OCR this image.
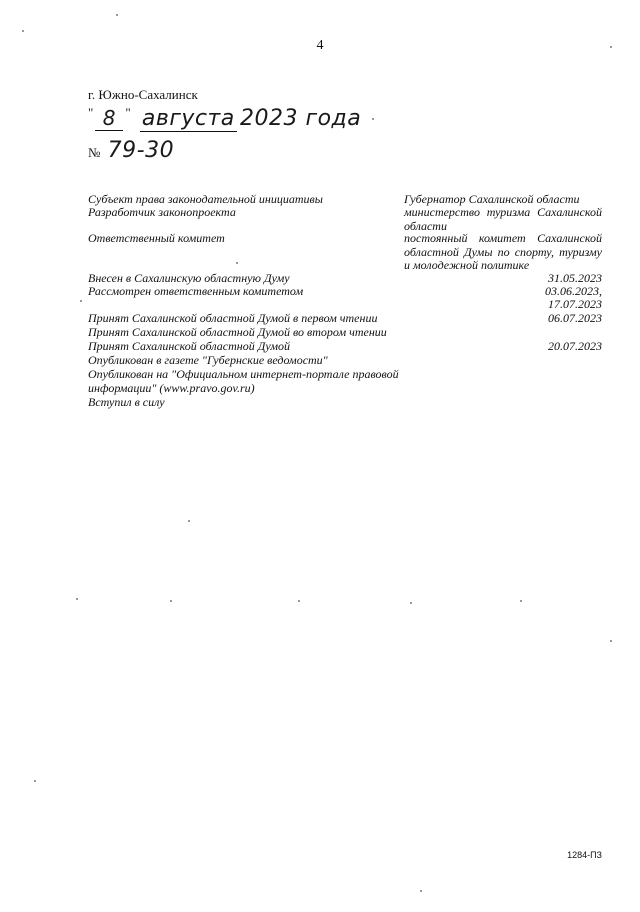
4
г. Южно-Сахалинск
" 8 " августа 2023 года
№ 79-30
Субъект права законодательной инициативы	Губернатор Сахалинской области
Разработчик законопроекта	министерство туризма Сахалинской области
Ответственный комитет	постоянный комитет Сахалинской областной Думы по спорту, туризму и молодежной политике
Внесен в Сахалинскую областную Думу	31.05.2023
Рассмотрен ответственным комитетом	03.06.2023,
17.07.2023
Принят Сахалинской областной Думой в первом чтении	06.07.2023
Принят Сахалинской областной Думой во втором чтении
Принят Сахалинской областной Думой	20.07.2023
Опубликован в газете "Губернские ведомости"
Опубликован на "Официальном интернет-портале правовой информации" (www.pravo.gov.ru)
Вступил в силу
1284-ПЗ
